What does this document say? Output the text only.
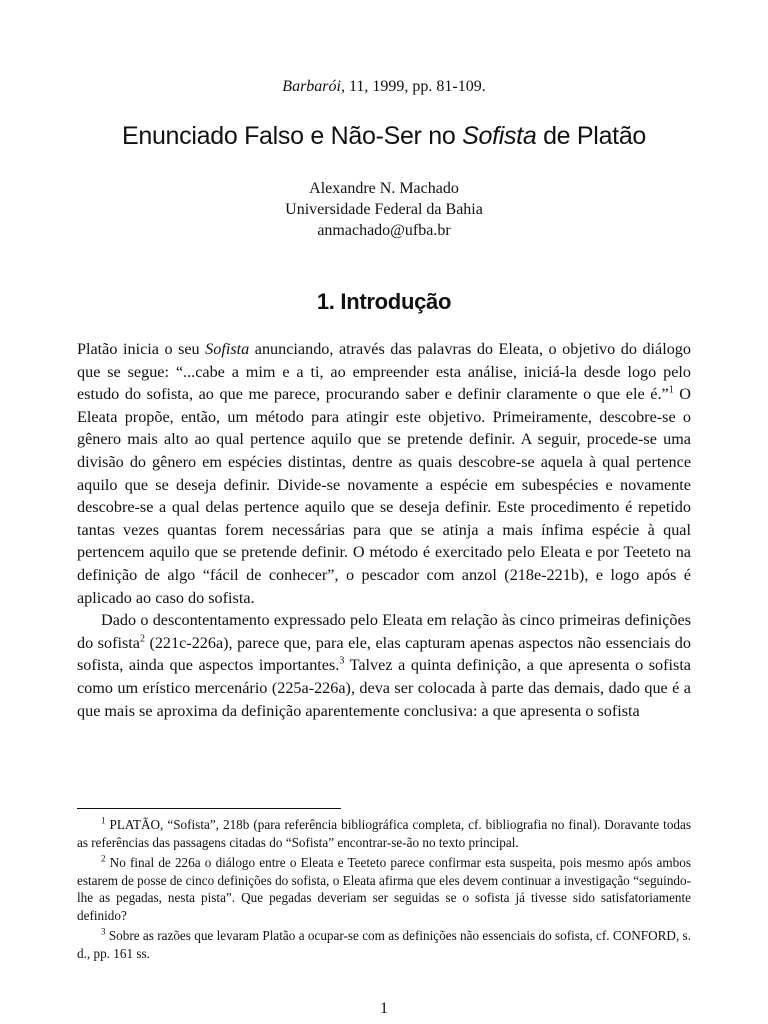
Barbarói, 11, 1999, pp. 81-109.
Enunciado Falso e Não-Ser no Sofista de Platão
Alexandre N. Machado
Universidade Federal da Bahia
anmachado@ufba.br
1. Introdução

Platão inicia o seu Sofista anunciando, através das palavras do Eleata, o objetivo do diálogo que se segue: “...cabe a mim e a ti, ao empreender esta análise, iniciá-la desde logo pelo estudo do sofista, ao que me parece, procurando saber e definir claramente o que ele é.”$^1$ O Eleata propõe, então, um método para atingir este objetivo. Primeiramente, descobre-se o gênero mais alto ao qual pertence aquilo que se pretende definir. A seguir, procede-se uma divisão do gênero em espécies distintas, dentre as quais descobre-se aquela à qual pertence aquilo que se deseja definir. Divide-se novamente a espécie em subespécies e novamente descobre-se a qual delas pertence aquilo que se deseja definir. Este procedimento é repetido tantas vezes quantas forem necessárias para que se atinja a mais ínfima espécie à qual pertencem aquilo que se pretende definir. O método é exercitado pelo Eleata e por Teeteto na definição de algo “fácil de conhecer”, o pescador com anzol (218e-221b), e logo após é aplicado ao caso do sofista.

Dado o descontentamento expressado pelo Eleata em relação às cinco primeiras definições do sofista$^2$ (221c-226a), parece que, para ele, elas capturam apenas aspectos não essenciais do sofista, ainda que aspectos importantes.$^3$ Talvez a quinta definição, a que apresenta o sofista como um erístico mercenário (225a-226a), deva ser colocada à parte das demais, dado que é a que mais se aproxima da definição aparentemente conclusiva: a que apresenta o sofista

$^1$ PLATÃO, “Sofista”, 218b (para referência bibliográfica completa, cf. bibliografia no final). Doravante todas as referências das passagens citadas do “Sofista” encontrar-se-ão no texto principal.

$^2$ No final de 226a o diálogo entre o Eleata e Teeteto parece confirmar esta suspeita, pois mesmo após ambos estarem de posse de cinco definições do sofista, o Eleata afirma que eles devem continuar a investigação “seguindo-lhe as pegadas, nesta pista”. Que pegadas deveriam ser seguidas se o sofista já tivesse sido satisfatoriamente definido?

$^3$ Sobre as razões que levaram Platão a ocupar-se com as definições não essenciais do sofista, cf. CONFORD, s. d., pp. 161 ss.

1
